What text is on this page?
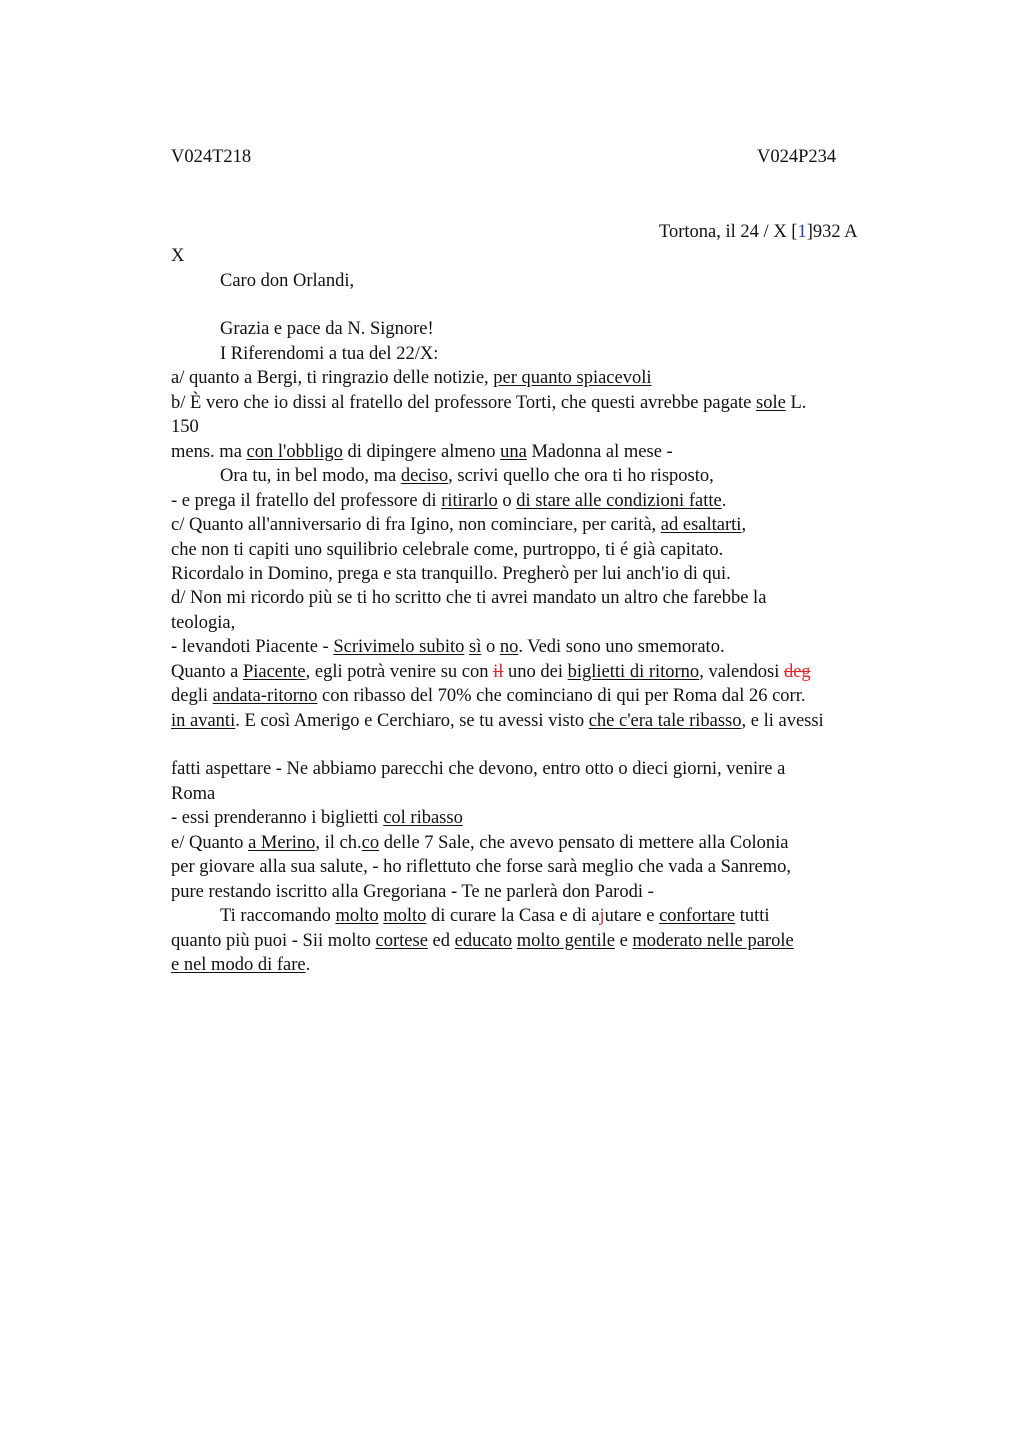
V024T218	V024P234
Tortona, il 24 / X [1]932 A
X
Caro don Orlandi,
Grazia e pace da N. Signore!
I Riferendomi a tua del 22/X:
a/ quanto a Bergi, ti ringrazio delle notizie, per quanto spiacevoli
b/ È vero che io dissi al fratello del professore Torti, che questi avrebbe pagate sole L.
150
mens. ma con l'obbligo di dipingere almeno una Madonna al mese -
Ora tu, in bel modo, ma deciso, scrivi quello che ora ti ho risposto,
- e prega il fratello del professore di ritirarlo o di stare alle condizioni fatte.
c/ Quanto all'anniversario di fra Igino, non cominciare, per carità, ad esaltarti,
che non ti capiti uno squilibrio celebrale come, purtroppo, ti é già capitato.
Ricordalo in Domino, prega e sta tranquillo. Pregherò per lui anch'io di qui.
d/ Non mi ricordo più se ti ho scritto che ti avrei mandato un altro che farebbe la
teologia,
- levandoti Piacente - Scrivimelo subito sì o no. Vedi sono uno smemorato.
Quanto a Piacente, egli potrà venire su con il uno dei biglietti di ritorno, valendosi deg
degli andata-ritorno con ribasso del 70% che cominciano di qui per Roma dal 26 corr.
in avanti. E così Amerigo e Cerchiaro, se tu avessi visto che c'era tale ribasso, e li avessi
fatti aspettare - Ne abbiamo parecchi che devono, entro otto o dieci giorni, venire a
Roma
- essi prenderanno i biglietti col ribasso
e/ Quanto a Merino, il ch.co delle 7 Sale, che avevo pensato di mettere alla Colonia
per giovare alla sua salute, - ho riflettuto che forse sarà meglio che vada a Sanremo,
pure restando iscritto alla Gregoriana - Te ne parlerà don Parodi -
Ti raccomando molto molto di curare la Casa e di ajutare e confortare tutti
quanto più puoi - Sii molto cortese ed educato molto gentile e moderato nelle parole
e nel modo di fare.
